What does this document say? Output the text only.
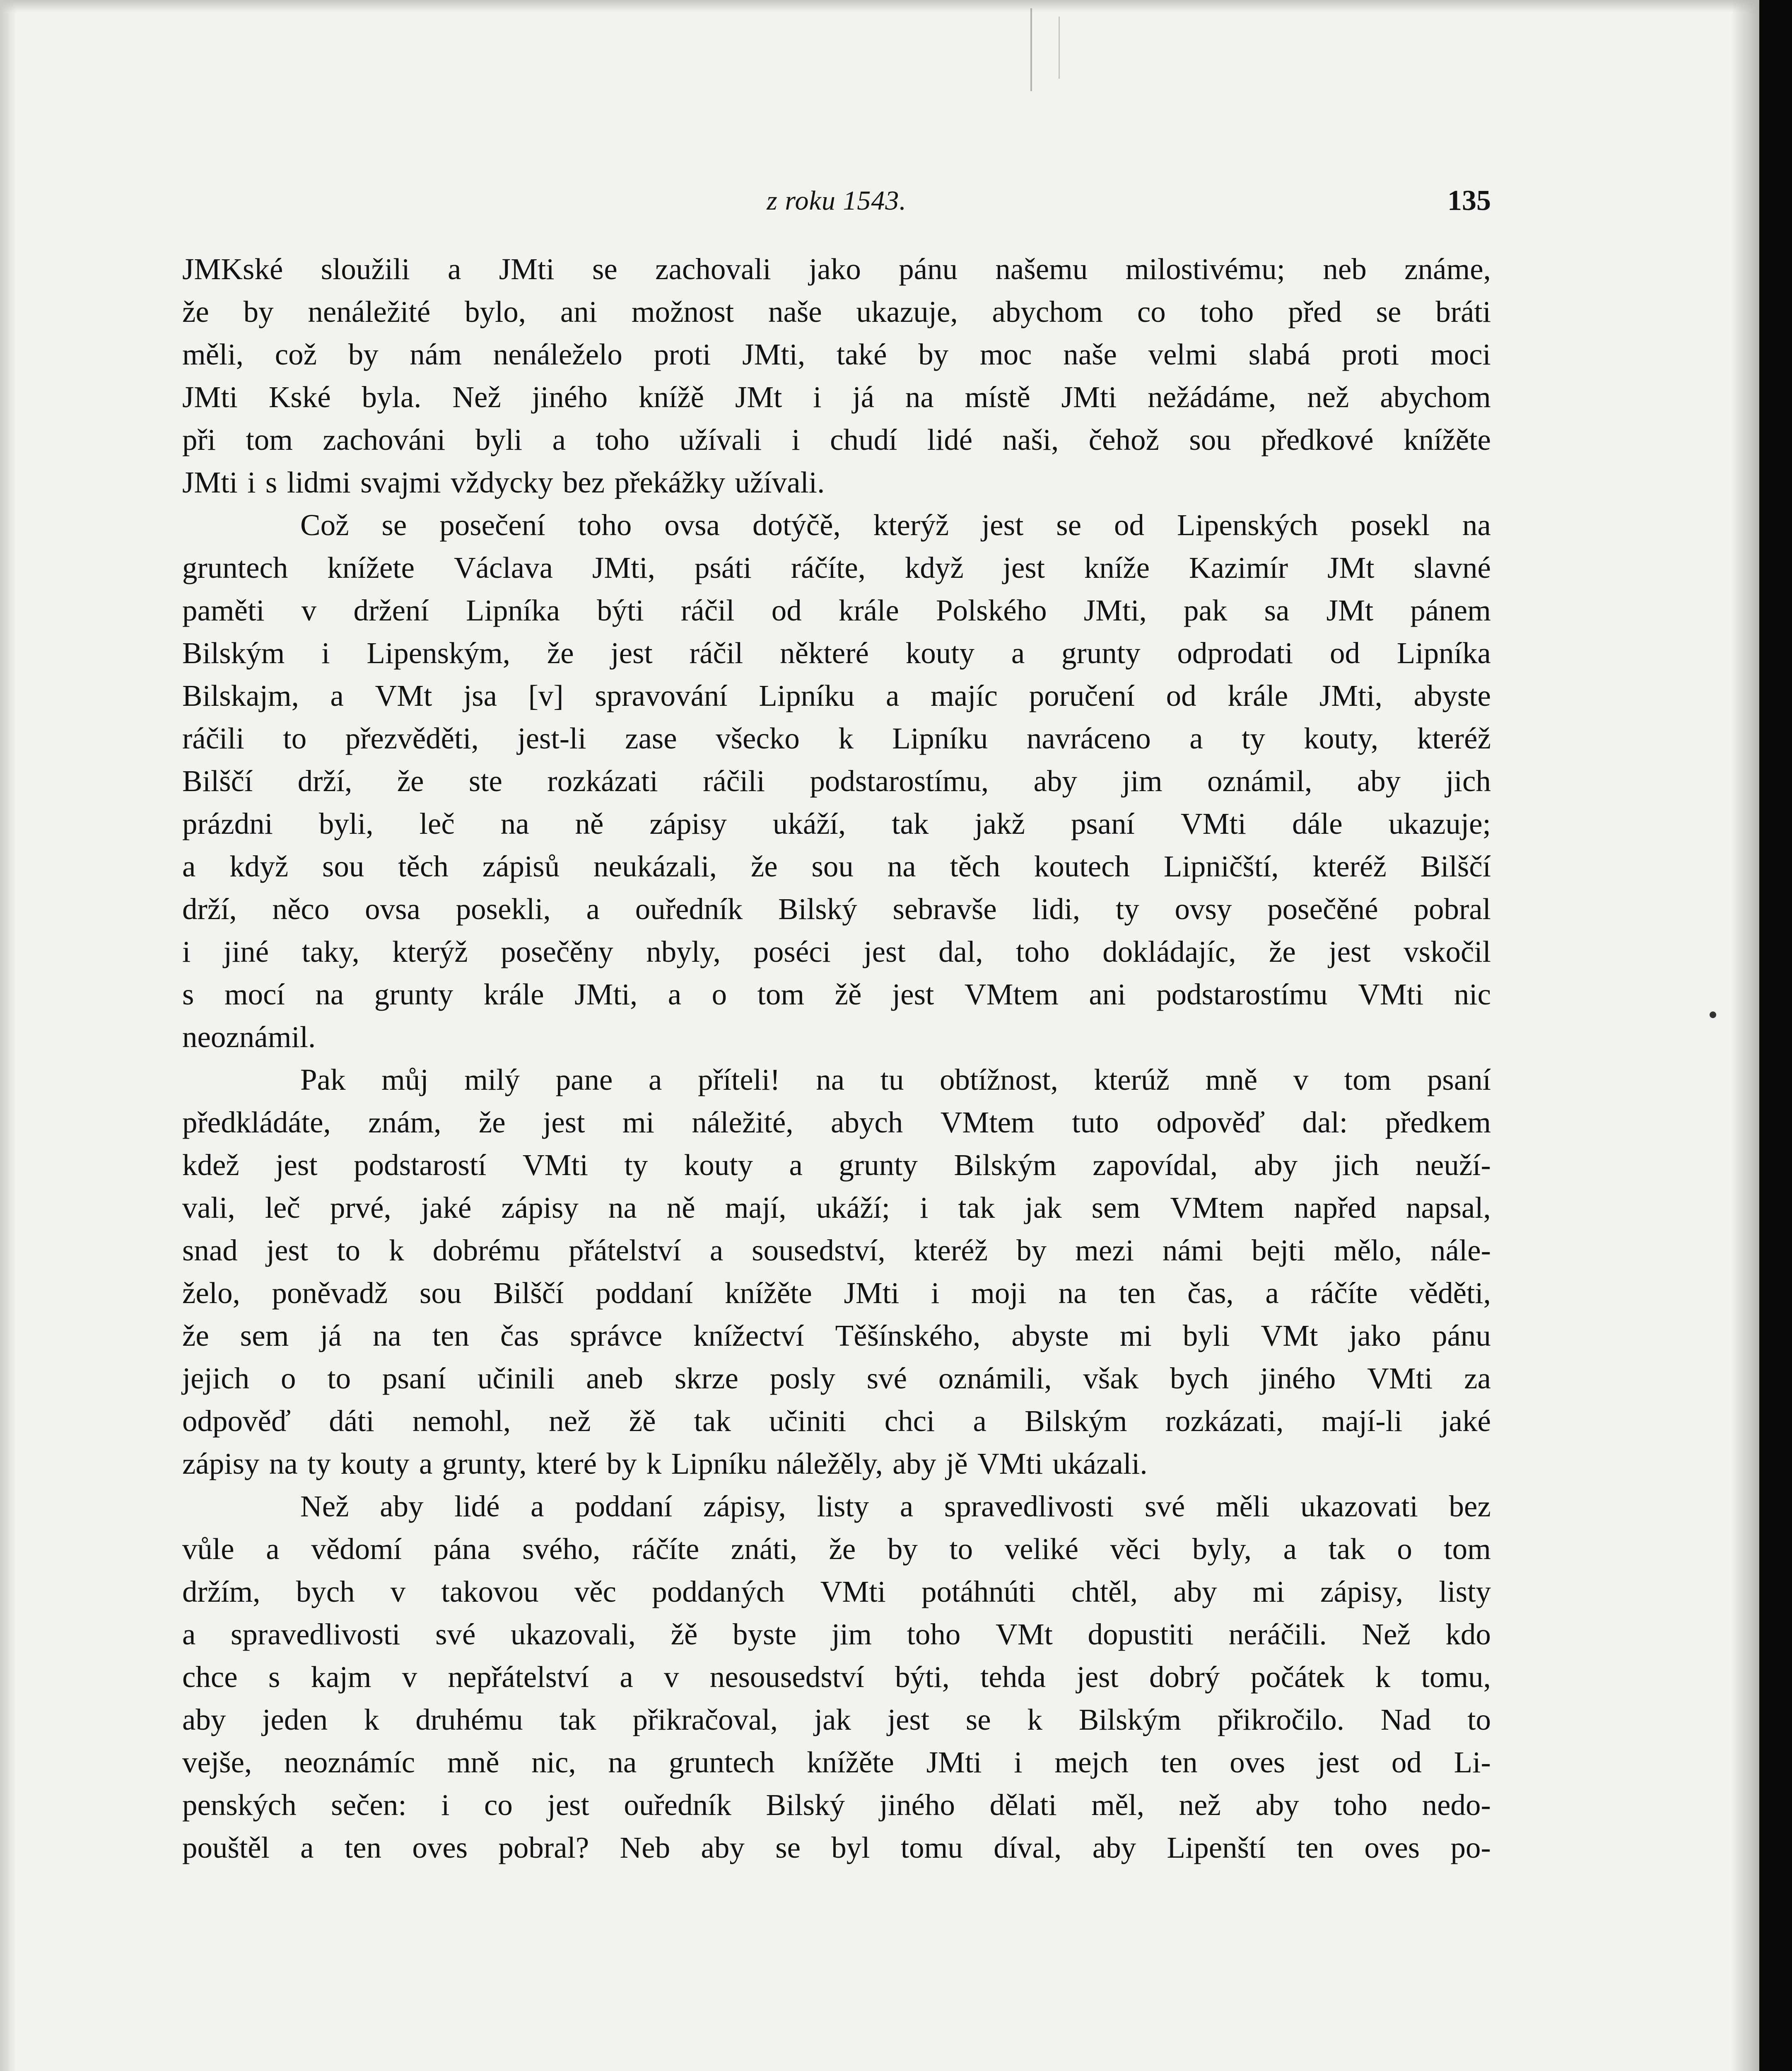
z roku 1543.	135
JMKské sloužili a JMti se zachovali jako pánu našemu milostivému; neb známe,
že by nenáležité bylo, ani možnost naše ukazuje, abychom co toho před se bráti
měli, což by nám nenáleželo proti JMti, také by moc naše velmi slabá proti moci
JMti Kské byla. Než jiného knížě JMt i já na místě JMti nežádáme, než abychom
při tom zachováni byli a toho užívali i chudí lidé naši, čehož sou předkové knížěte
JMti i s lidmi svajmi vždycky bez překážky užívali.
Což se posečení toho ovsa dotýčě, kterýž jest se od Lipenských posekl na
gruntech knížete Václava JMti, psáti ráčíte, když jest kníže Kazimír JMt slavné
paměti v držení Lipníka býti ráčil od krále Polského JMti, pak sa JMt pánem
Bilským i Lipenským, že jest ráčil některé kouty a grunty odprodati od Lipníka
Bilskajm, a VMt jsa [v] spravování Lipníku a majíc poručení od krále JMti, abyste
ráčili to přezvěděti, jest-li zase všecko k Lipníku navráceno a ty kouty, kteréž
Bilščí drží, že ste rozkázati ráčili podstarostímu, aby jim oznámil, aby jich
prázdni byli, leč na ně zápisy ukáží, tak jakž psaní VMti dále ukazuje;
a když sou těch zápisů neukázali, že sou na těch koutech Lipničští, kteréž Bilščí
drží, něco ovsa posekli, a ouředník Bilský sebravše lidi, ty ovsy posečěné pobral
i jiné taky, kterýž posečěny nbyly, poséci jest dal, toho dokládajíc, že jest vskočil
s mocí na grunty krále JMti, a o tom žě jest VMtem ani podstarostímu VMti nic
neoznámil.
Pak můj milý pane a příteli! na tu obtížnost, kterúž mně v tom psaní
předkládáte, znám, že jest mi náležité, abych VMtem tuto odpověď dal: předkem
kdež jest podstarostí VMti ty kouty a grunty Bilským zapovídal, aby jich neuží-
vali, leč prvé, jaké zápisy na ně mají, ukáží; i tak jak sem VMtem napřed napsal,
snad jest to k dobrému přátelství a sousedství, kteréž by mezi námi bejti mělo, nále-
želo, poněvadž sou Bilščí poddaní knížěte JMti i moji na ten čas, a ráčíte věděti,
že sem já na ten čas správce knížectví Těšínského, abyste mi byli VMt jako pánu
jejich o to psaní učinili aneb skrze posly své oznámili, však bych jiného VMti za
odpověď dáti nemohl, než žě tak učiniti chci a Bilským rozkázati, mají-li jaké
zápisy na ty kouty a grunty, které by k Lipníku náležěly, aby jě VMti ukázali.
Než aby lidé a poddaní zápisy, listy a spravedlivosti své měli ukazovati bez
vůle a vědomí pána svého, ráčíte znáti, že by to veliké věci byly, a tak o tom
držím, bych v takovou věc poddaných VMti potáhnúti chtěl, aby mi zápisy, listy
a spravedlivosti své ukazovali, žě byste jim toho VMt dopustiti neráčili. Než kdo
chce s kajm v nepřátelství a v nesousedství býti, tehda jest dobrý počátek k tomu,
aby jeden k druhému tak přikračoval, jak jest se k Bilským přikročilo. Nad to
vejše, neoznámíc mně nic, na gruntech knížěte JMti i mejch ten oves jest od Li-
penských sečen: i co jest ouředník Bilský jiného dělati měl, než aby toho nedo-
pouštěl a ten oves pobral? Neb aby se byl tomu díval, aby Lipenští ten oves po-
